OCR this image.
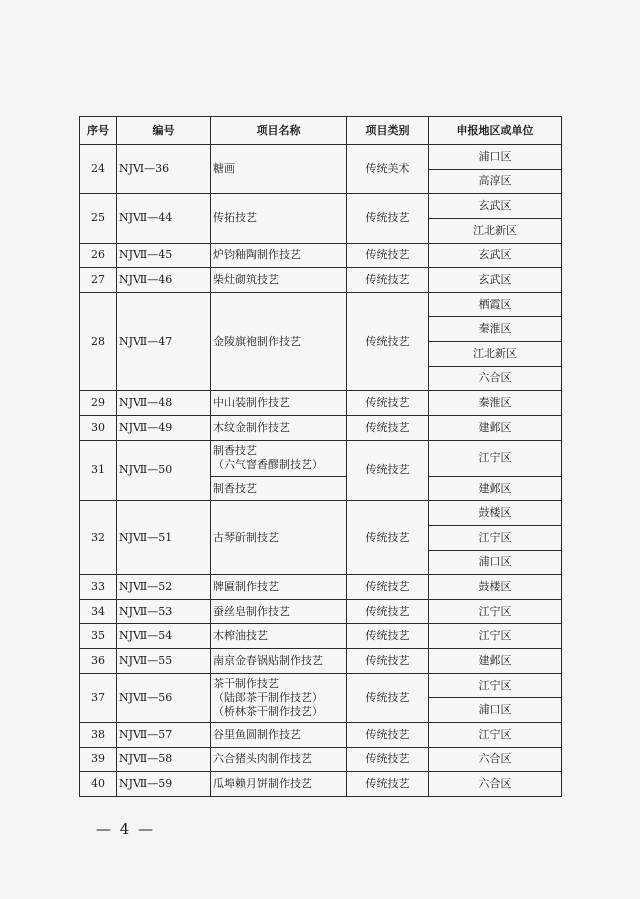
序号	编号	项目名称	项目类别	申报地区或单位
24	NJⅥ—36	糖画	传统美术	浦口区
				高淳区
25	NJⅦ—44	传拓技艺	传统技艺	玄武区
				江北新区
26	NJⅦ—45	炉钧釉陶制作技艺	传统技艺	玄武区
27	NJⅦ—46	柴灶砌筑技艺	传统技艺	玄武区
28	NJⅦ—47	金陵旗袍制作技艺	传统技艺	栖霞区
				秦淮区
				江北新区
				六合区
29	NJⅦ—48	中山装制作技艺	传统技艺	秦淮区
30	NJⅦ—49	木纹金制作技艺	传统技艺	建邺区
31	NJⅦ—50	制香技艺
（六气窨香醪制技艺）	传统技艺	江宁区
		制香技艺		建邺区
32	NJⅦ—51	古琴斫制技艺	传统技艺	鼓楼区
				江宁区
				浦口区
33	NJⅦ—52	牌匾制作技艺	传统技艺	鼓楼区
34	NJⅦ—53	蚕丝皂制作技艺	传统技艺	江宁区
35	NJⅦ—54	木榨油技艺	传统技艺	江宁区
36	NJⅦ—55	南京金春锅贴制作技艺	传统技艺	建邺区
37	NJⅦ—56	茶干制作技艺
（陆郎茶干制作技艺）
（桥林茶干制作技艺）	传统技艺	江宁区
				浦口区
38	NJⅦ—57	谷里鱼圆制作技艺	传统技艺	江宁区
39	NJⅦ—58	六合猪头肉制作技艺	传统技艺	六合区
40	NJⅦ—59	瓜埠赖月饼制作技艺	传统技艺	六合区
— 4 —
